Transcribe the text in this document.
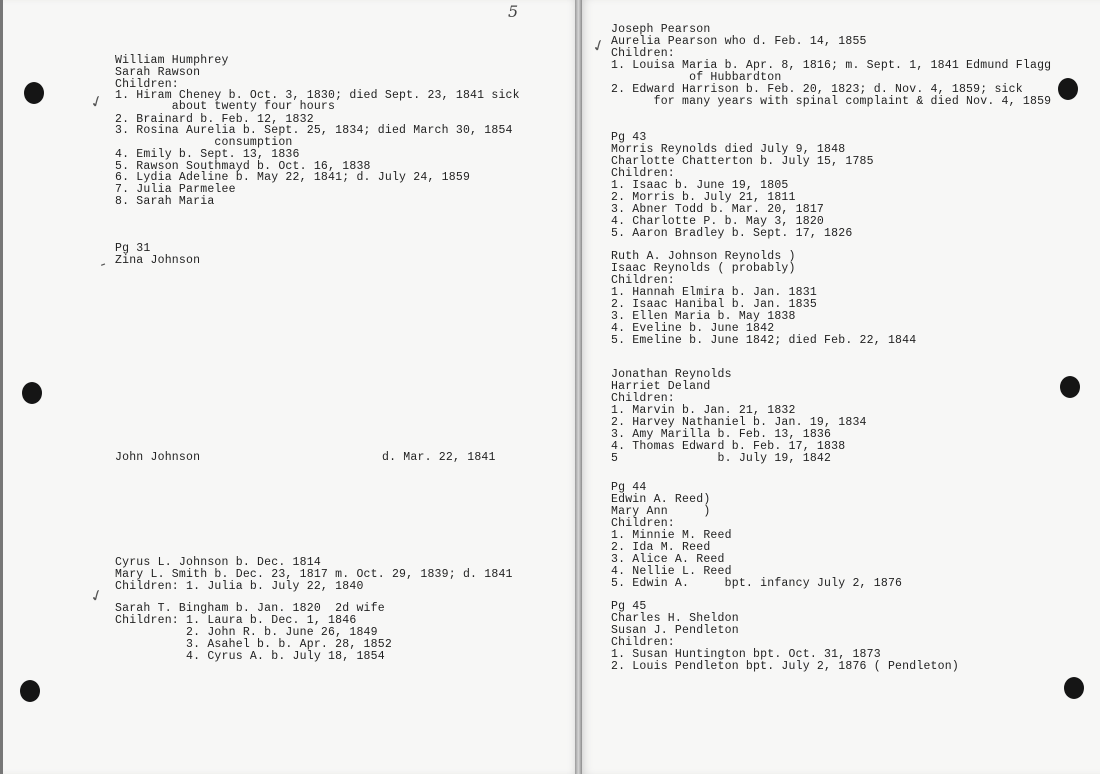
5
William Humphrey
Sarah Rawson
Children:
1. Hiram Cheney b. Oct. 3, 1830; died Sept. 23, 1841 sick
about twenty four hours
2. Brainard b. Feb. 12, 1832
3. Rosina Aurelia b. Sept. 25, 1834; died March 30, 1854
consumption
4. Emily b. Sept. 13, 1836
5. Rawson Southmayd b. Oct. 16, 1838
6. Lydia Adeline b. May 22, 1841; d. July 24, 1859
7. Julia Parmelee
8. Sarah Maria
Pg 31
Zina Johnson
John Johnson	d. Mar. 22, 1841
Cyrus L. Johnson b. Dec. 1814
Mary L. Smith b. Dec. 23, 1817 m. Oct. 29, 1839; d. 1841
Children: 1. Julia b. July 22, 1840
Sarah T. Bingham b. Jan. 1820  2d wife
Children: 1. Laura b. Dec. 1, 1846
2. John R. b. June 26, 1849
3. Asahel b. b. Apr. 28, 1852
4. Cyrus A. b. July 18, 1854
Joseph Pearson
Aurelia Pearson who d. Feb. 14, 1855
Children:
1. Louisa Maria b. Apr. 8, 1816; m. Sept. 1, 1841 Edmund Flagg
of Hubbardton
2. Edward Harrison b. Feb. 20, 1823; d. Nov. 4, 1859; sick
for many years with spinal complaint & died Nov. 4, 1859
Pg 43
Morris Reynolds died July 9, 1848
Charlotte Chatterton b. July 15, 1785
Children:
1. Isaac b. June 19, 1805
2. Morris b. July 21, 1811
3. Abner Todd b. Mar. 20, 1817
4. Charlotte P. b. May 3, 1820
5. Aaron Bradley b. Sept. 17, 1826
Ruth A. Johnson Reynolds )
Isaac Reynolds ( probably)
Children:
1. Hannah Elmira b. Jan. 1831
2. Isaac Hanibal b. Jan. 1835
3. Ellen Maria b. May 1838
4. Eveline b. June 1842
5. Emeline b. June 1842; died Feb. 22, 1844
Jonathan Reynolds
Harriet Deland
Children:
1. Marvin b. Jan. 21, 1832
2. Harvey Nathaniel b. Jan. 19, 1834
3. Amy Marilla b. Feb. 13, 1836
4. Thomas Edward b. Feb. 17, 1838
5              b. July 19, 1842
Pg 44
Edwin A. Reed)
Mary Ann     )
Children:
1. Minnie M. Reed
2. Ida M. Reed
3. Alice A. Reed
4. Nellie L. Reed
5. Edwin A.     bpt. infancy July 2, 1876
Pg 45
Charles H. Sheldon
Susan J. Pendleton
Children:
1. Susan Huntington bpt. Oct. 31, 1873
2. Louis Pendleton bpt. July 2, 1876 ( Pendleton)
✓
-
✓
✓
